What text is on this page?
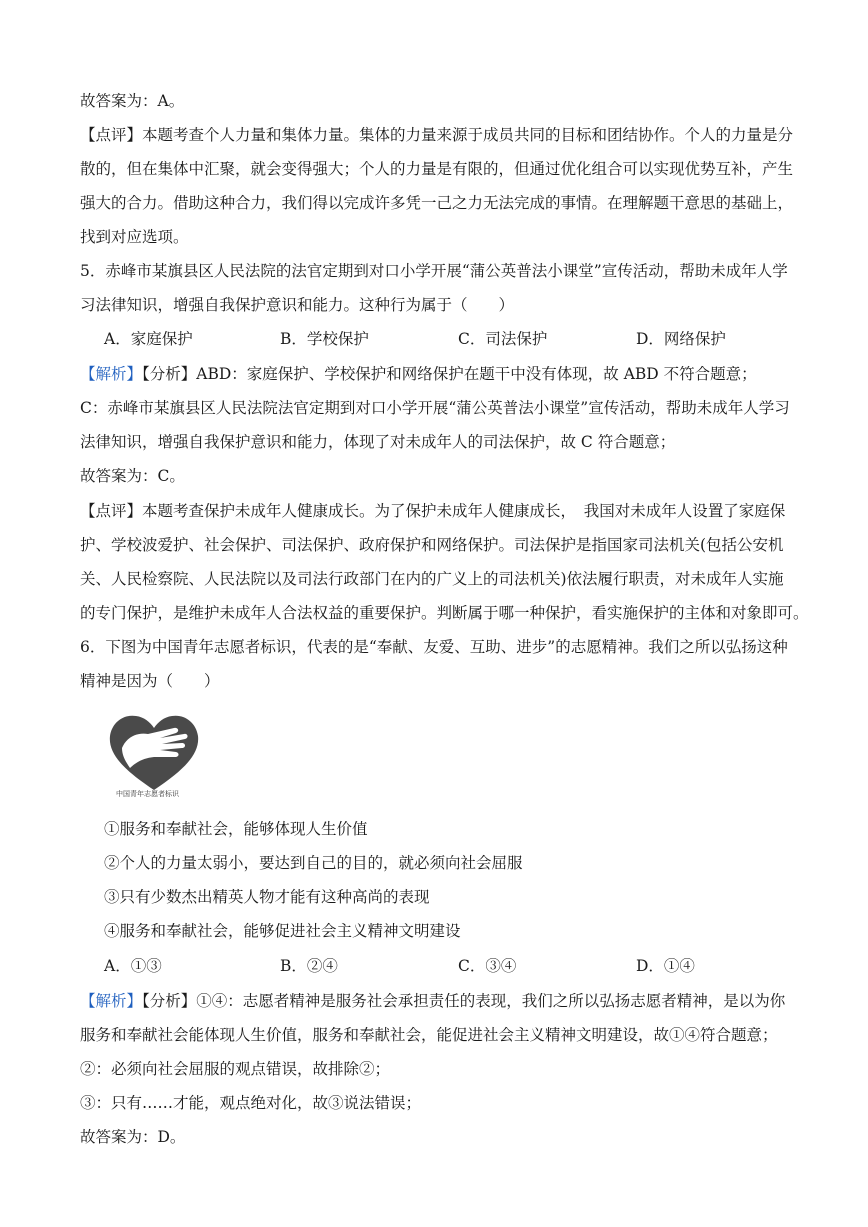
故答案为：A。
【点评】本题考查个人力量和集体力量。集体的力量来源于成员共同的目标和团结协作。个人的力量是分
散的，但在集体中汇聚，就会变得强大；个人的力量是有限的，但通过优化组合可以实现优势互补，产生
强大的合力。借助这种合力，我们得以完成许多凭一己之力无法完成的事情。在理解题干意思的基础上，
找到对应选项。
5．赤峰市某旗县区人民法院的法官定期到对口小学开展“蒲公英普法小课堂”宣传活动，帮助未成年人学
习法律知识，增强自我保护意识和能力。这种行为属于（　　）
A．家庭保护	B．学校保护	C．司法保护	D．网络保护
【解析】【分析】ABD：家庭保护、学校保护和网络保护在题干中没有体现，故 ABD 不符合题意；
C：赤峰市某旗县区人民法院法官定期到对口小学开展“蒲公英普法小课堂”宣传活动，帮助未成年人学习
法律知识，增强自我保护意识和能力，体现了对未成年人的司法保护，故 C 符合题意；
故答案为：C。
【点评】本题考查保护未成年人健康成长。为了保护未成年人健康成长，　我国对未成年人设置了家庭保
护、学校波爱护、社会保护、司法保护、政府保护和网络保护。司法保护是指国家司法机关(包括公安机
关、人民检察院、人民法院以及司法行政部门在内的广义上的司法机关)依法履行职责，对未成年人实施
的专门保护，是维护未成年人合法权益的重要保护。判断属于哪一种保护，看实施保护的主体和对象即可。
6．下图为中国青年志愿者标识，代表的是“奉献、友爱、互助、进步”的志愿精神。我们之所以弘扬这种
精神是因为（　　）
中国青年志愿者标识
①服务和奉献社会，能够体现人生价值
②个人的力量太弱小，要达到自己的目的，就必须向社会屈服
③只有少数杰出精英人物才能有这种高尚的表现
④服务和奉献社会，能够促进社会主义精神文明建设
A．①③	B．②④	C．③④	D．①④
【解析】【分析】①④：志愿者精神是服务社会承担责任的表现，我们之所以弘扬志愿者精神，是以为你
服务和奉献社会能体现人生价值，服务和奉献社会，能促进社会主义精神文明建设，故①④符合题意；
②：必须向社会屈服的观点错误，故排除②；
③：只有……才能，观点绝对化，故③说法错误；
故答案为：D。
